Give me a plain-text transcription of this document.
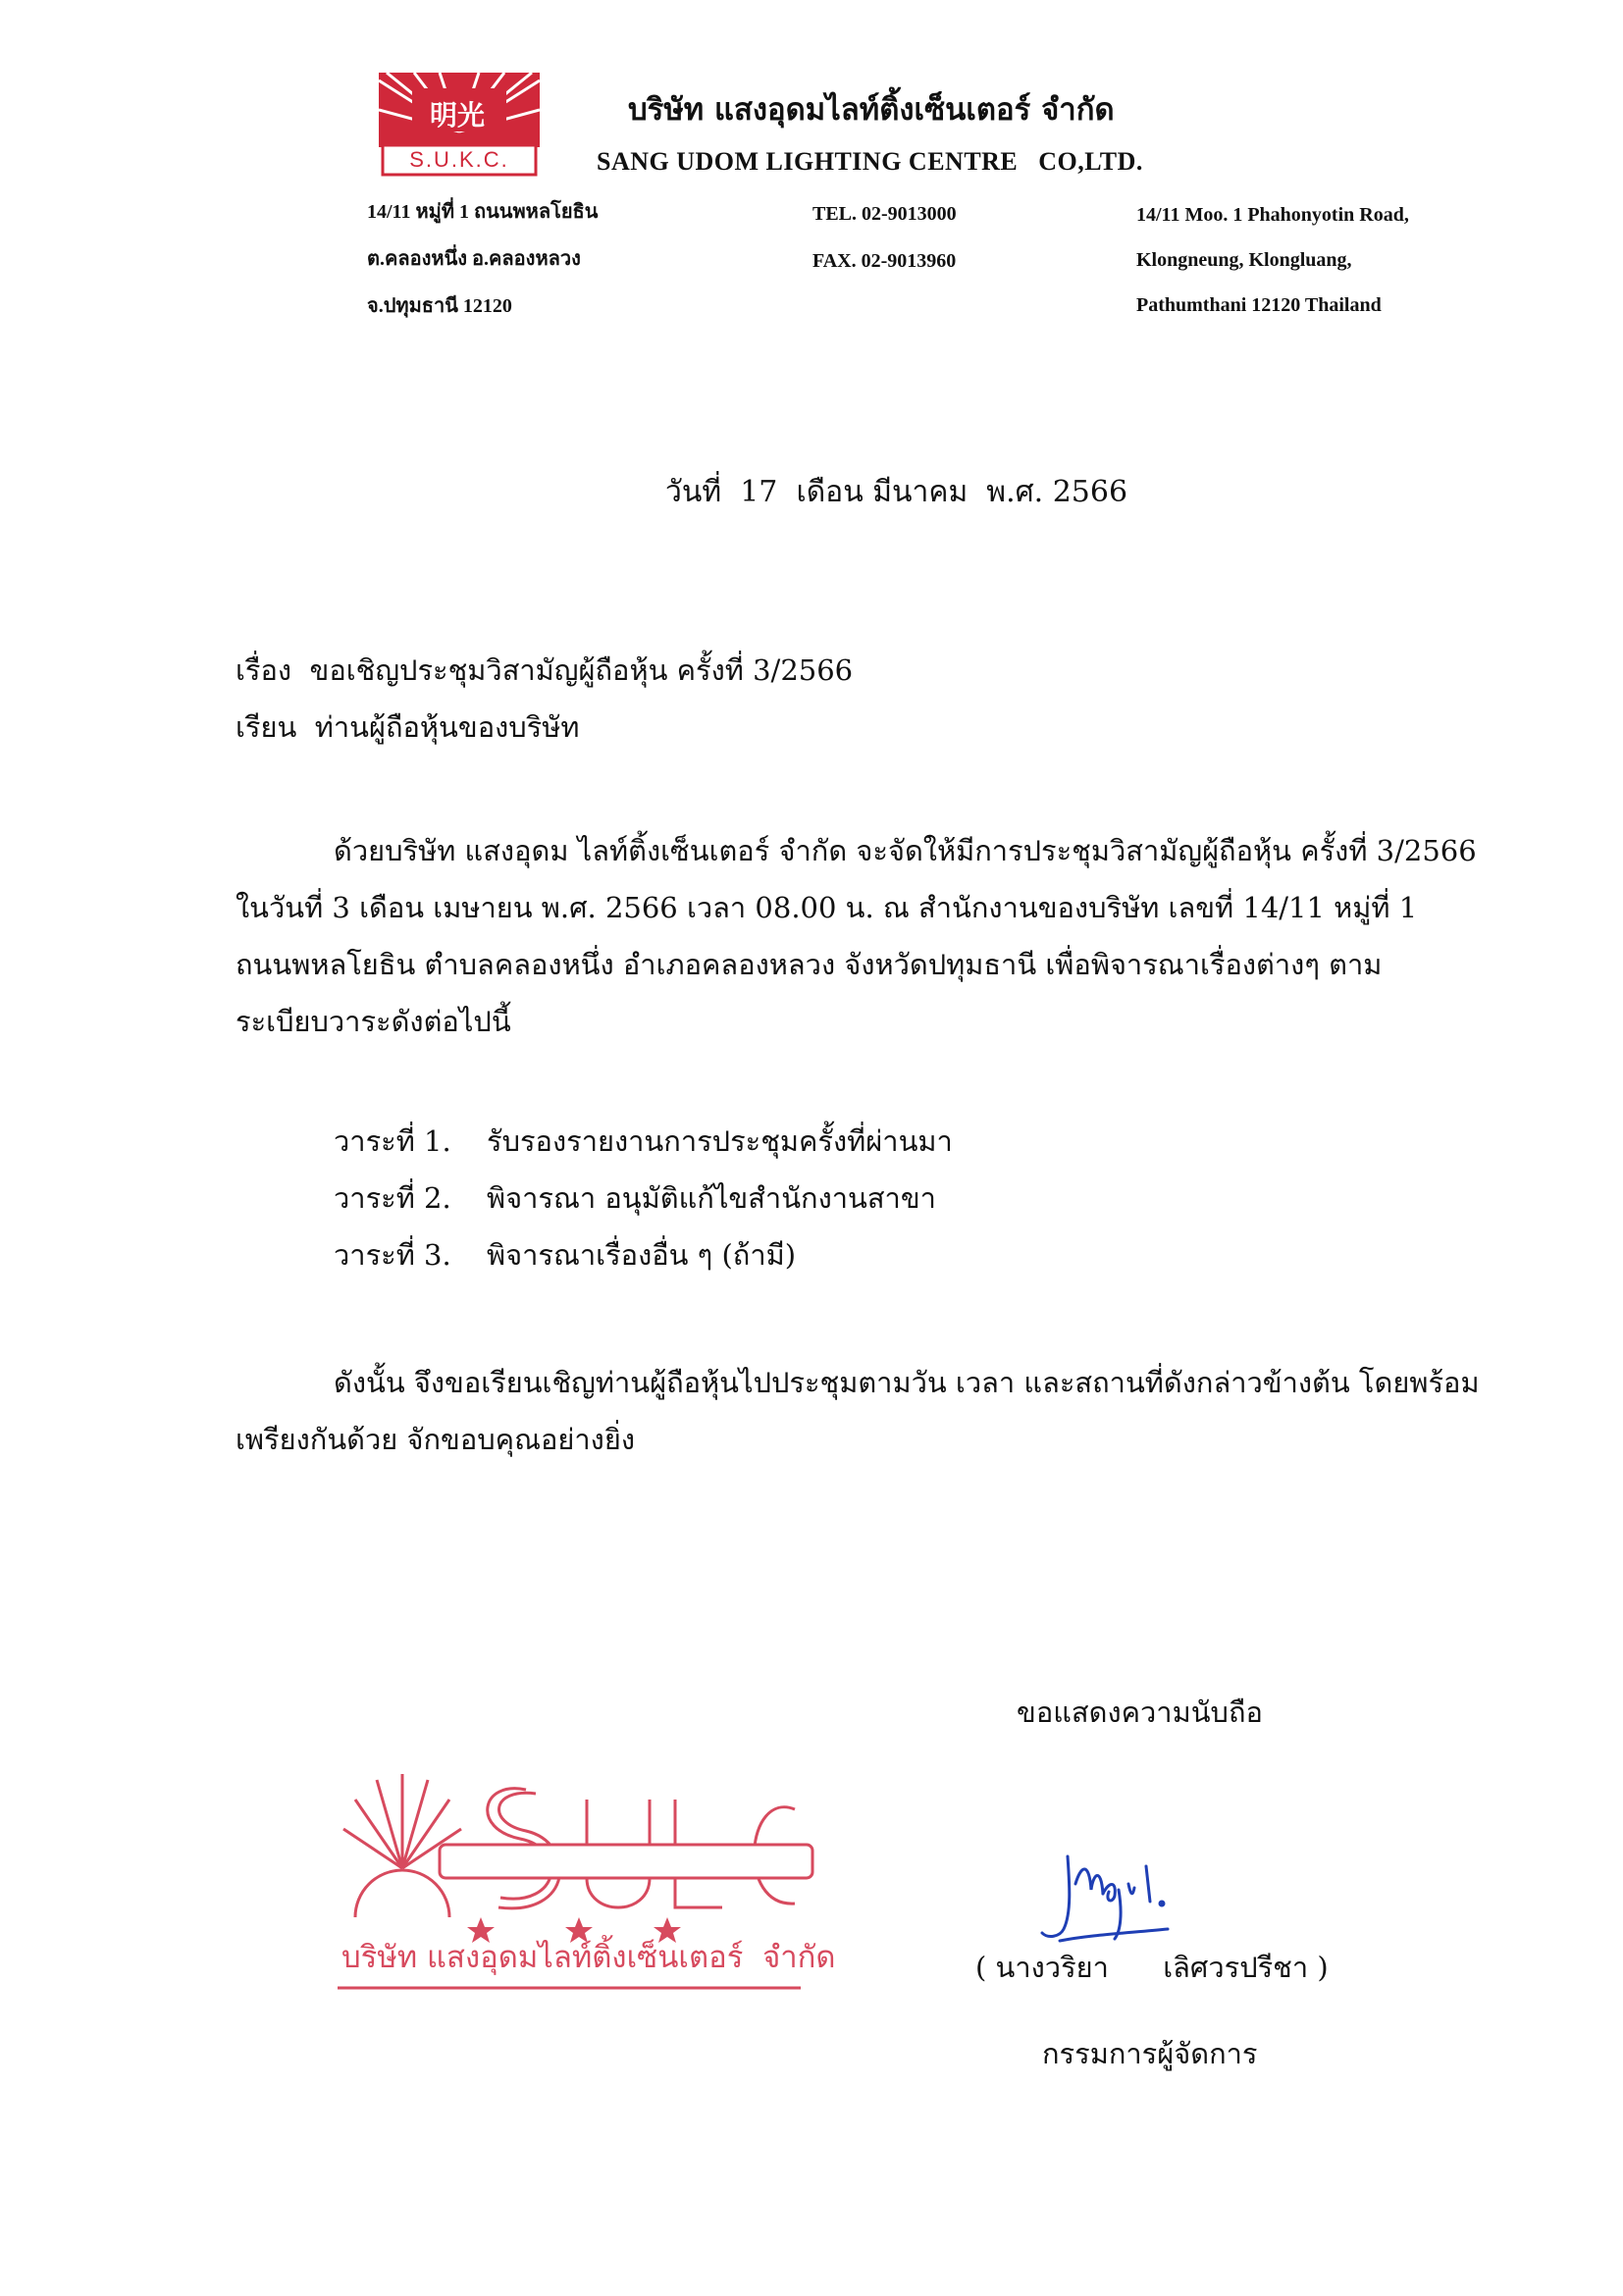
明光
S.U.K.C.
บริษัท แสงอุดมไลท์ติ้งเซ็นเตอร์ จำกัด
SANG UDOM LIGHTING CENTRE   CO,LTD.
14/11 หมู่ที่ 1 ถนนพหลโยธิน
ต.คลองหนึ่ง อ.คลองหลวง
จ.ปทุมธานี 12120
TEL. 02-9013000
FAX. 02-9013960
14/11 Moo. 1 Phahonyotin Road,
Klongneung, Klongluang,
Pathumthani 12120 Thailand
วันที่  17  เดือน มีนาคม  พ.ศ. 2566
เรื่อง  ขอเชิญประชุมวิสามัญผู้ถือหุ้น ครั้งที่ 3/2566
เรียน  ท่านผู้ถือหุ้นของบริษัท
ด้วยบริษัท แสงอุดม ไลท์ติ้งเซ็นเตอร์ จำกัด จะจัดให้มีการประชุมวิสามัญผู้ถือหุ้น ครั้งที่ 3/2566
ในวันที่ 3 เดือน เมษายน พ.ศ. 2566 เวลา 08.00 น. ณ สำนักงานของบริษัท เลขที่ 14/11 หมู่ที่ 1
ถนนพหลโยธิน ตำบลคลองหนึ่ง อำเภอคลองหลวง จังหวัดปทุมธานี เพื่อพิจารณาเรื่องต่างๆ ตาม
ระเบียบวาระดังต่อไปนี้
วาระที่ 1. รับรองรายงานการประชุมครั้งที่ผ่านมา
วาระที่ 2. พิจารณา อนุมัติแก้ไขสำนักงานสาขา
วาระที่ 3. พิจารณาเรื่องอื่น ๆ (ถ้ามี)
ดังนั้น จึงขอเรียนเชิญท่านผู้ถือหุ้นไปประชุมตามวัน เวลา และสถานที่ดังกล่าวข้างต้น โดยพร้อม
เพรียงกันด้วย จักขอบคุณอย่างยิ่ง
ขอแสดงความนับถือ
( นางวริยา      เลิศวรปรีชา )
กรรมการผู้จัดการ
บริษัท แสงอุดมไลท์ติ้งเซ็นเตอร์  จำกัด
